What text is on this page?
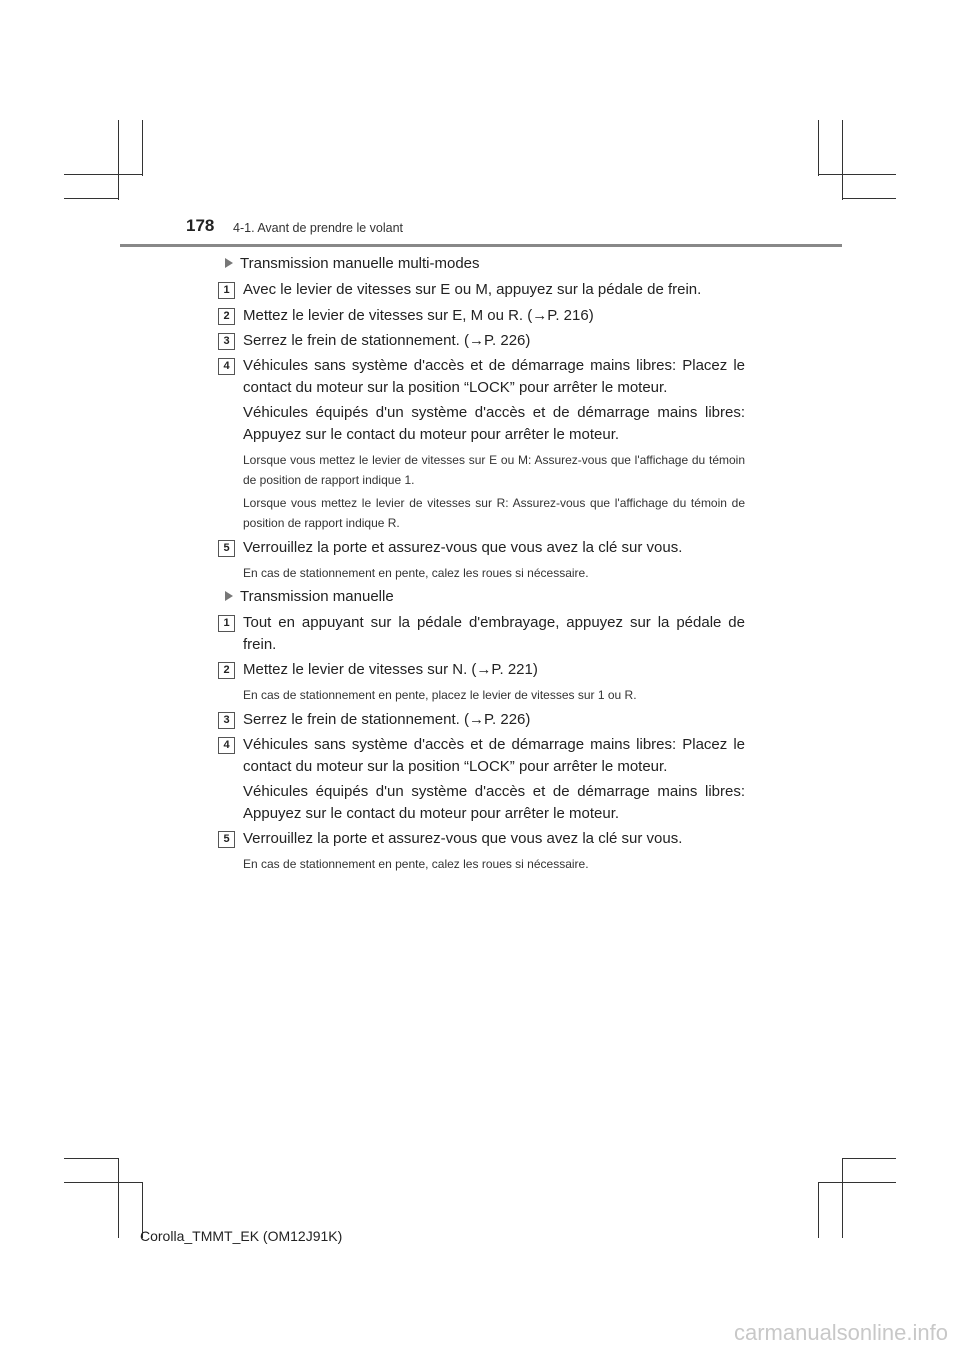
178 4-1. Avant de prendre le volant
Transmission manuelle multi-modes
1 Avec le levier de vitesses sur E ou M, appuyez sur la pédale de frein.
2 Mettez le levier de vitesses sur E, M ou R. (→P. 216)
3 Serrez le frein de stationnement. (→P. 226)
4 Véhicules sans système d'accès et de démarrage mains libres: Placez le contact du moteur sur la position “LOCK” pour arrêter le moteur.
Véhicules équipés d'un système d'accès et de démarrage mains libres: Appuyez sur le contact du moteur pour arrêter le moteur.
Lorsque vous mettez le levier de vitesses sur E ou M: Assurez-vous que l'affichage du témoin de position de rapport indique 1.
Lorsque vous mettez le levier de vitesses sur R: Assurez-vous que l'affichage du témoin de position de rapport indique R.
5 Verrouillez la porte et assurez-vous que vous avez la clé sur vous.
En cas de stationnement en pente, calez les roues si nécessaire.
Transmission manuelle
1 Tout en appuyant sur la pédale d'embrayage, appuyez sur la pédale de frein.
2 Mettez le levier de vitesses sur N. (→P. 221)
En cas de stationnement en pente, placez le levier de vitesses sur 1 ou R.
3 Serrez le frein de stationnement. (→P. 226)
4 Véhicules sans système d'accès et de démarrage mains libres: Placez le contact du moteur sur la position “LOCK” pour arrêter le moteur.
Véhicules équipés d'un système d'accès et de démarrage mains libres: Appuyez sur le contact du moteur pour arrêter le moteur.
5 Verrouillez la porte et assurez-vous que vous avez la clé sur vous.
En cas de stationnement en pente, calez les roues si nécessaire.
Corolla_TMMT_EK (OM12J91K)
carmanualsonline.info
